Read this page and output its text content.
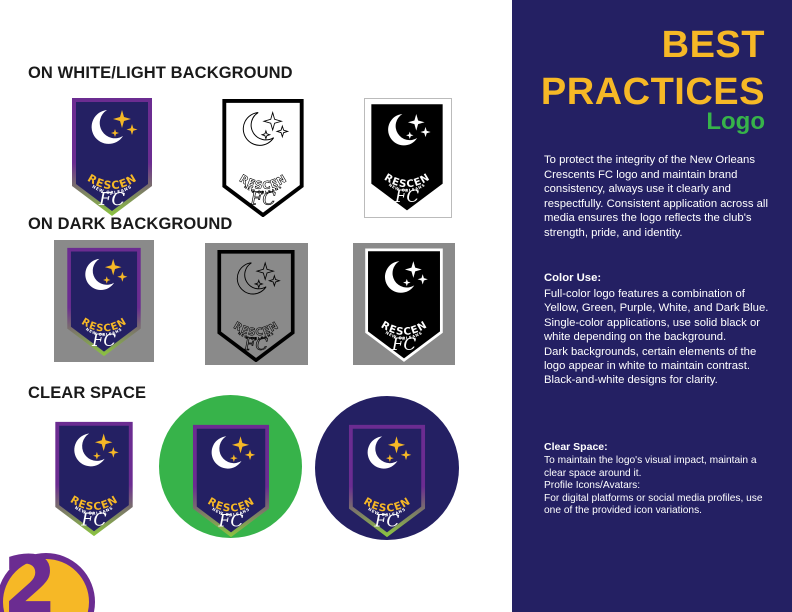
ON WHITE/LIGHT BACKGROUND
ON DARK BACKGROUND
CLEAR SPACE
2
BEST
PRACTICES
Logo

To protect the integrity of the New Orleans Crescents FC logo and maintain brand consistency, always use it clearly and respectfully. Consistent application across all media ensures the logo reflects the club's strength, pride, and identity.

Color Use:

Full-color logo features a combination of Yellow, Green, Purple, White, and Dark Blue.
Single-color applications, use solid black or white depending on the background.
Dark backgrounds, certain elements of the logo appear in white to maintain contrast.
Black-and-white designs for clarity.

Clear Space:

To maintain the logo's visual impact, maintain a clear space around it.
Profile Icons/Avatars:
For digital platforms or social media profiles, use one of the provided icon variations.
